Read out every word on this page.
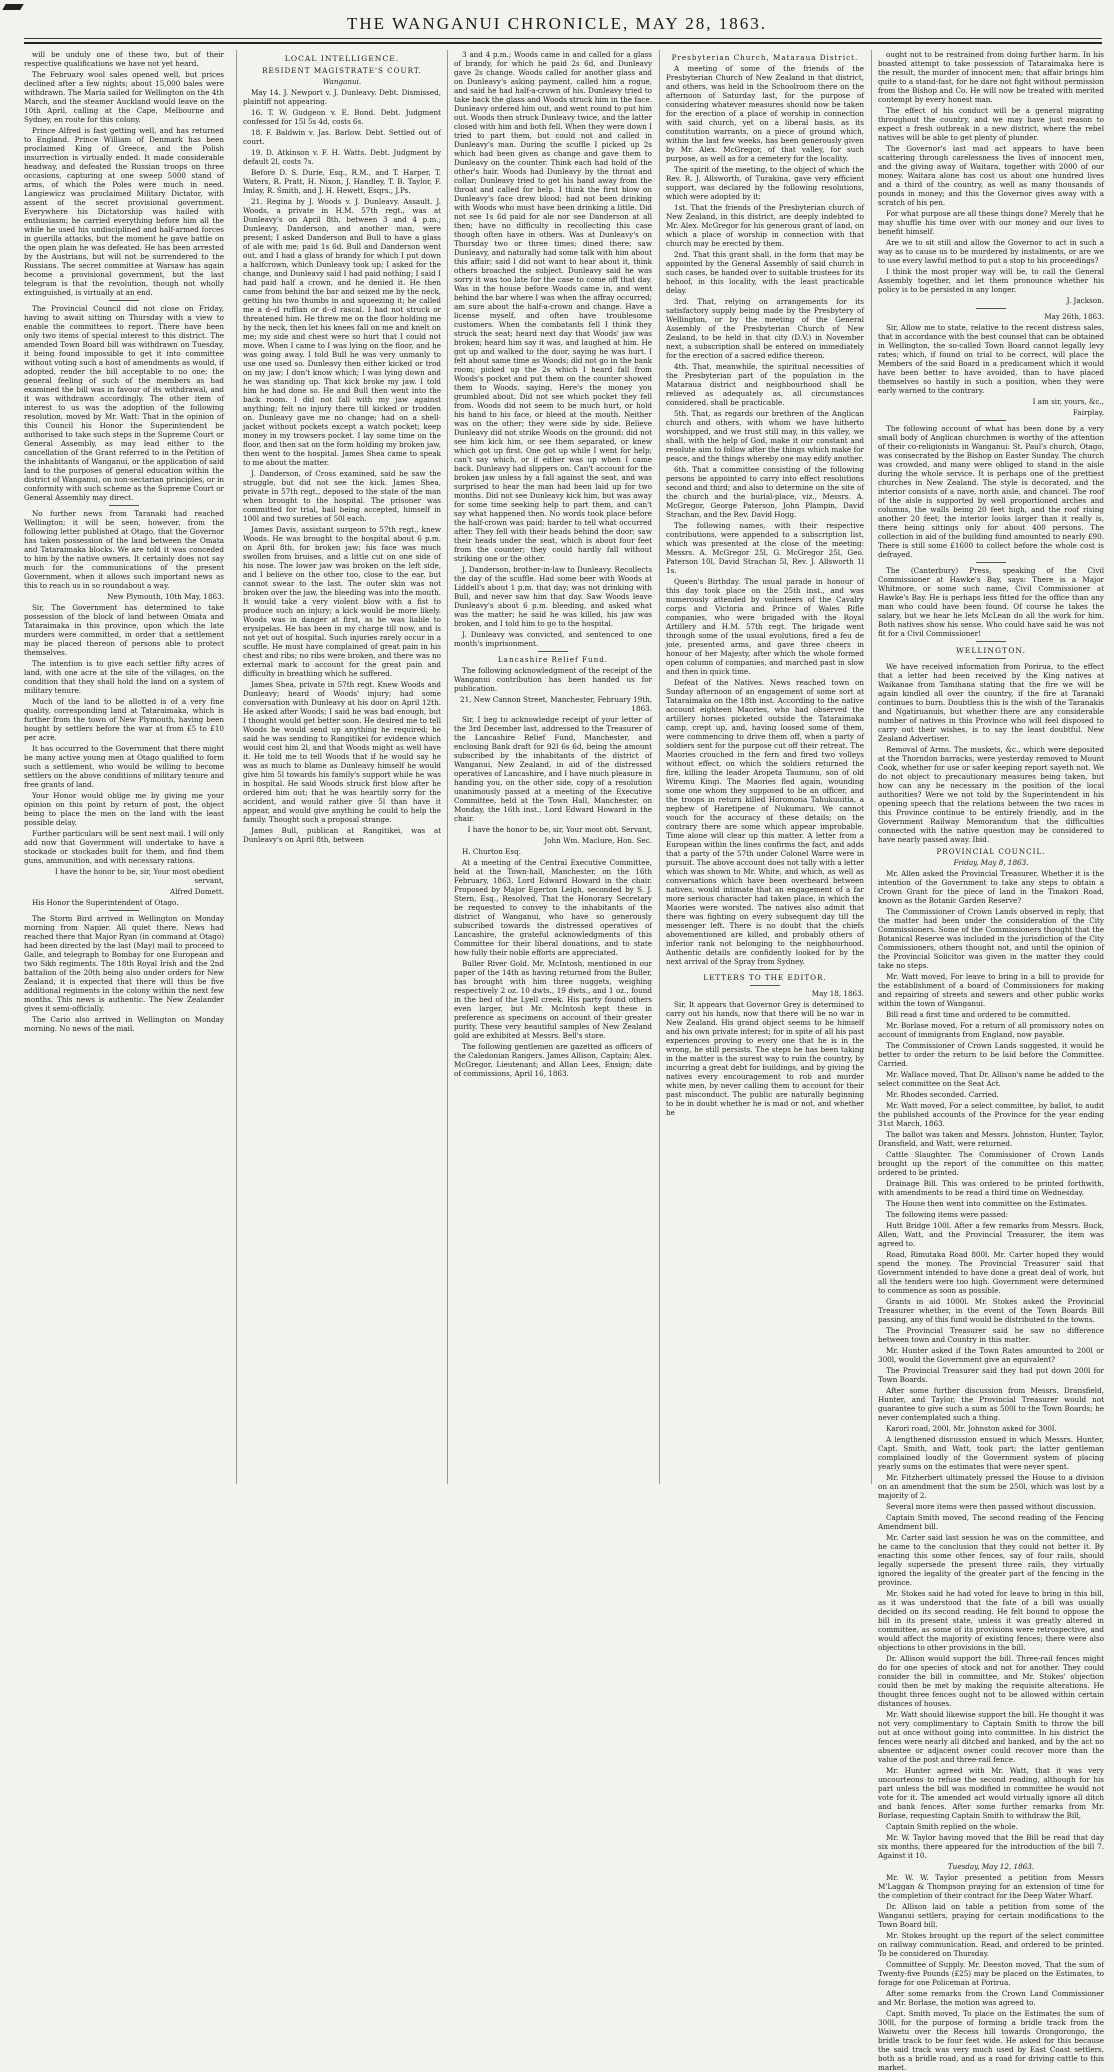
THE WANGANUI CHRONICLE, MAY 28, 1863.

will be unduly one of these two, but of their respective qualifications we have not yet heard.

The February wool sales opened well, but prices declined after a few nights; about 15,000 bales were withdrawn. The Maria sailed for Wellington on the 4th March, and the steamer Auckland would leave on the 10th April, calling at the Cape, Melbourne and Sydney, en route for this colony.

Prince Alfred is fast getting well, and has returned to England. Prince William of Denmark has been proclaimed King of Greece, and the Polish insurrection is virtually ended. It made considerable headway, and defeated the Russian troops on three occasions, capturing at one sweep 5000 stand of arms, of which the Poles were much in need. Langiewicz was proclaimed Military Dictator, with assent of the secret provisional government. Everywhere his Dictatorship was hailed with enthusiasm; he carried everything before him all the while he used his undisciplined and half-armed forces in guerilla attacks, but the moment he gave battle on the open plain he was defeated. He has been arrested by the Austrians, but will not be surrendered to the Russians. The secret committee at Warsaw has again become a provisional government, but the last telegram is that the revolution, though not wholly extinguished, is virtually at an end.

The Provincial Council did not close on Friday, having to await sitting on Thursday with a view to enable the committees to report. There have been only two items of special interest to this district. The amended Town Board bill was withdrawn on Tuesday, it being found impossible to get it into committee without voting such a host of amendments as would, if adopted, render the bill acceptable to no one; the general feeling of such of the members as had examined the bill was in favour of its withdrawal, and it was withdrawn accordingly. The other item of interest to us was the adoption of the following resolution, moved by Mr. Watt: That in the opinion of this Council his Honor the Superintendent be authorised to take such steps in the Supreme Court or General Assembly, as may lead either to the cancellation of the Grant referred to in the Petition of the inhabitants of Wanganui, or the application of said land to the purposes of general education within the district of Wanganui, on non-sectarian principles, or in conformity with such scheme as the Supreme Court or General Assembly may direct.

No further news from Taranaki had reached Wellington; it will be seen, however, from the following letter published at Otago, that the Governor has taken possession of the land between the Omata and Tataraimaka blocks. We are told it was conceded to him by the native owners. It certainly does not say much for the communications of the present Government, when it allows such important news as this to reach us in so roundabout a way.

New Plymouth, 10th May, 1863.

Sir, The Government has determined to take possession of the block of land between Omata and Tataraimaka in this province, upon which the late murders were committed, in order that a settlement may be placed thereon of persons able to protect themselves.

The intention is to give each settler fifty acres of land, with one acre at the site of the villages, on the condition that they shall hold the land on a system of military tenure.

Much of the land to be allotted is of a very fine quality, corresponding land at Tataraimaka, which is further from the town of New Plymouth, having been bought by settlers before the war at from £5 to £10 per acre.

It has occurred to the Government that there might be many active young men at Otago qualified to form such a settlement, who would be willing to become settlers on the above conditions of military tenure and free grants of land.

Your Honor would oblige me by giving me your opinion on this point by return of post, the object being to place the men on the land with the least possible delay.

Further particulars will be sent next mail. I will only add now that Government will undertake to have a stockade or stockades built for them, and find them guns, ammunition, and with necessary rations.

I have the honor to be, sir, Your most obedient servant,

Alfred Domett.

His Honor the Superintendent of Otago.

The Storm Bird arrived in Wellington on Monday morning from Napier. All quiet there. News had reached there that Major Ryan (in command at Otago) had been directed by the last (May) mail to proceed to Galle, and telegraph to Bombay for one European and two Sikh regiments. The 18th Royal Irish and the 2nd battalion of the 20th being also under orders for New Zealand, it is expected that there will thus be five additional regiments in the colony within the next few months. This news is authentic. The New Zealander gives it semi-officially.

The Cario also arrived in Wellington on Monday morning. No news of the mail.

LOCAL INTELLIGENCE.
RESIDENT MAGISTRATE'S COURT.

Wanganui.

May 14. J. Newport v. J. Dunleavy. Debt. Dismissed, plaintiff not appearing.

16. T. W. Gudgeon v. E. Bond. Debt. Judgment confessed for 15l 5s 4d, costs 6s.

18. F. Baldwin v. Jas. Barlow. Debt. Settled out of court.

19. D. Atkinson v. F. H. Watts. Debt. Judgment by default 2l, costs 7s.

Before D. S. Durie, Esq., R.M., and T. Harper, T. Waters, R. Pratt, H. Nixon, J. Handley, T. B. Taylor, F. Imlay, R. Smith, and J. H. Hewett, Esqrs., J.Ps.

21. Regina by J. Woods v. J. Dunleavy. Assault. J. Woods, a private in H.M. 57th regt., was at Dunleavy's on April 8th, between 3 and 4 p.m.; Dunleavy, Danderson, and another man, were present; I asked Danderson and Bull to have a glass of ale with me; paid 1s 6d. Bull and Danderson went out, and I had a glass of brandy for which I put down a halfcrown, which Dunleavy took up; I asked for the change, and Dunleavy said I had paid nothing; I said I had paid half a crown, and he denied it. He then came from behind the bar and seized me by the neck, getting his two thumbs in and squeezing it; he called me a d--d ruffian or d--d rascal. I had not struck or threatened him. He threw me on the floor holding me by the neck, then let his knees fall on me and knelt on me; my side and chest were so hurt that I could not move. When I came to I was lying on the floor, and he was going away. I told Bull he was very unmanly to use one used so. Dunleavy then either kicked or trod on my jaw; I don't know which; I was lying down and he was standing up. That kick broke my jaw. I told him he had done so. He and Bull then went into the back room. I did not fall with my jaw against anything; felt no injury there till kicked or trodden on. Dunleavy gave me no change; had on a shell-jacket without pockets except a watch pocket; keep money in my trowsers pocket. I lay some time on the floor, and then sat on the form holding my broken jaw, then went to the hospital. James Shea came to speak to me about the matter.

J. Danderson, of Cross examined, said he saw the struggle, but did not see the kick. James Shea, private in 57th regt., deposed to the state of the man when brought to the hospital. The prisoner was committed for trial, bail being accepted, himself in 100l and two sureties of 50l each.

James Davis, assistant surgeon to 57th regt., knew Woods. He was brought to the hospital about 6 p.m. on April 8th, for broken jaw; his face was much swollen from bruises, and a little cut on one side of his nose. The lower jaw was broken on the left side, and I believe on the other too, close to the ear, but cannot swear to the last. The outer skin was not broken over the jaw, the bleeding was into the mouth. It would take a very violent blow with a fist to produce such an injury; a kick would be more likely. Woods was in danger at first, as he was liable to erysipelas. He has been in my charge till now, and is not yet out of hospital. Such injuries rarely occur in a scuffle. He must have complained of great pain in his chest and ribs; no ribs were broken, and there was no external mark to account for the great pain and difficulty in breathing which he suffered.

James Shea, private in 57th regt. Knew Woods and Dunleavy; heard of Woods' injury; had some conversation with Dunleavy at his door on April 12th. He asked after Woods; I said he was bad enough, but I thought would get better soon. He desired me to tell Woods he would send up anything he required; he said he was sending to Rangitikei for evidence which would cost him 2l, and that Woods might as well have it. He told me to tell Woods that if he would say he was as much to blame as Dunleavy himself he would give him 5l towards his family's support while he was in hospital. He said Woods struck first blow after he ordered him out; that he was heartily sorry for the accident, and would rather give 5l than have it appear, and would give anything he could to help the family. Thought such a proposal strange.

James Bull, publican at Rangitikei, was at Dunleavy's on April 8th, between

3 and 4 p.m.; Woods came in and called for a glass of brandy, for which he paid 2s 6d, and Dunleavy gave 2s change. Woods called for another glass and on Dunleavy's asking payment, called him a rogue, and said he had half-a-crown of his. Dunleavy tried to take back the glass and Woods struck him in the face. Dunleavy ordered him out, and went round to put him out. Woods then struck Dunleavy twice, and the latter closed with him and both fell. When they were down I tried to part them, but could not and called in Dunleavy's man. During the scuffle I picked up 2s which had been given as change and gave them to Dunleavy on the counter. Think each had hold of the other's hair. Woods had Dunleavy by the throat and collar; Dunleavy tried to get his hand away from the throat and called for help. I think the first blow on Dunleavy's face drew blood; had not been drinking with Woods who must have been drinking a little. Did not see 1s 6d paid for ale nor see Danderson at all then; have no difficulty in recollecting this case though often have in others. Was at Dunleavy's on Thursday two or three times; dined there; saw Dunleavy, and naturally had some talk with him about this affair; said I did not want to hear about it, think others broached the subject. Dunleavy said he was sorry it was too late for the case to come off that day. Was in the house before Woods came in, and went behind the bar where I was when the affray occurred; am sure about the half-a-crown and change. Have a license myself, and often have troublesome customers. When the combatants fell I think they struck the seat; heard next day that Woods' jaw was broken; heard him say it was, and laughed at him. He got up and walked to the door, saying he was hurt. I felt about same time as Woods; did not go in the bank room; picked up the 2s which I heard fall from Woods's pocket and put them on the counter showed them to Woods, saying, Here's the money you grumbled about. Did not see which pocket they fell from. Woods did not seem to be much hurt, or hold his hand to his face, or bleed at the mouth. Neither was on the other; they were side by side. Believe Dunleavy did not strike Woods on the ground; did not see him kick him, or see them separated, or knew which got up first. One got up while I went for help; can't say which, or if either was up when I came back. Dunleavy had slippers on. Can't account for the broken jaw unless by a fall against the seat, and was surprised to hear the man had been laid up for two months. Did not see Dunleavy kick him, but was away for some time seeking help to part them, and can't say what happened then. No words took place before the half-crown was paid; harder to tell what occurred after. They fell with their heads behind the door; saw their heads under the seat, which is about four feet from the counter; they could hardly fall without striking one or the other.

J. Danderson, brother-in-law to Dunleavy. Recollects the day of the scuffle. Had some beer with Woods at Liddell's about 1 p.m. that day; was not drinking with Bull, and never saw him that day. Saw Woods leave Dunleavy's about 6 p.m. bleeding, and asked what was the matter; he said he was killed, his jaw was broken, and I told him to go to the hospital.

J. Dunleavy was convicted, and sentenced to one month's imprisonment.

Lancashire Relief Fund.

The following acknowledgment of the receipt of the Wanganui contribution has been handed us for publication.

21, New Cannon Street, Manchester, February 19th, 1863.

Sir, I beg to acknowledge receipt of your letter of the 3rd December last, addressed to the Treasurer of the Lancashire Relief Fund, Manchester, and enclosing Bank draft for 92l 6s 6d, being the amount subscribed by the inhabitants of the district of Wanganui, New Zealand, in aid of the distressed operatives of Lancashire, and I have much pleasure in handing you, on the other side, copy of a resolution unanimously passed at a meeting of the Executive Committee, held at the Town Hall, Manchester, on Monday, the 16th inst., Lord Edward Howard in the chair.

I have the honor to be, sir, Your most obt. Servant,

John Wm. Maclure, Hon. Sec.

H. Churton Esq.

At a meeting of the Central Executive Committee, held at the Town-hall, Manchester, on the 16th February, 1863, Lord Edward Howard in the chair. Proposed by Major Egerton Leigh, seconded by S. J. Stern, Esq., Resolved, That the Honorary Secretary be requested to convey to the inhabitants of the district of Wanganui, who have so generously subscribed towards the distressed operatives of Lancashire, the grateful acknowledgments of this Committee for their liberal donations, and to state how fully their noble efforts are appreciated.

Buller River Gold. Mr. McIntosh, mentioned in our paper of the 14th as having returned from the Buller, has brought with him three nuggets, weighing respectively 2 oz. 10 dwts., 19 dwts., and 1 oz., found in the bed of the Lyell creek. His party found others even larger, but Mr. McIntosh kept these in preference as specimens on account of their greater purity. These very beautiful samples of New Zealand gold are exhibited at Messrs. Bell's store.

The following gentlemen are gazetted as officers of the Caledonian Rangers. James Allison, Captain; Alex. McGregor, Lieutenant; and Allan Lees, Ensign; date of commissions, April 16, 1863.

Presbyterian Church, Mataraua District.

A meeting of some of the friends of the Presbyterian Church of New Zealand in that district, and others, was held in the Schoolroom there on the afternoon of Saturday last, for the purpose of considering whatever measures should now be taken for the erection of a place of worship in connection with said church, yet on a liberal basis, as its constitution warrants, on a piece of ground which, within the last few weeks, has been generously given by Mr. Alex. McGregor, of that valley, for such purpose, as well as for a cemetery for the locality.

The spirit of the meeting, to the object of which the Rev. R. J. Allsworth, of Turakina, gave very efficient support, was declared by the following resolutions, which were adopted by it:

1st. That the friends of the Presbyterian church of New Zealand, in this district, are deeply indebted to Mr. Alex. McGregor for his generous grant of land, on which a place of worship in connection with that church may be erected by them.

2nd. That this grant shall, in the form that may be appointed by the General Assembly of said church in such cases, be handed over to suitable trustees for its behoof, in this locality, with the least practicable delay.

3rd. That, relying on arrangements for its satisfactory supply being made by the Presbytery of Wellington, or by the meeting of the General Assembly of the Presbyterian Church of New Zealand, to be held in that city (D.V.) in November next, a subscription shall be entered on immediately for the erection of a sacred edifice thereon.

4th. That, meanwhile, the spiritual necessities of the Presbyterian part of the population in the Mataraua district and neighbourhood shall be relieved as adequately as, all circumstances considered, shall be practicable.

5th. That, as regards our brethren of the Anglican church and others, with whom we have hitherto worshipped, and we trust still may, in this valley, we shall, with the help of God, make it our constant and resolute aim to follow after the things which make for peace, and the things whereby one may edify another.

6th. That a committee consisting of the following persons be appointed to carry into effect resolutions second and third; and also to determine on the site of the church and the burial-place, viz., Messrs. A. McGregor, George Paterson, John Plampin, David Strachan, and the Rev. David Hogg.

The following names, with their respective contributions, were appended to a subscription list, which was presented at the close of the meeting: Messrs. A. McGregor 25l, G. McGregor 25l, Geo. Paterson 10l, David Strachan 5l, Rev. J. Allsworth 1l 1s.

Queen's Birthday. The usual parade in honour of this day took place on the 25th inst., and was numerously attended by volunteers of the Cavalry corps and Victoria and Prince of Wales Rifle companies, who were brigaded with the Royal Artillery and H.M. 57th regt. The brigade went through some of the usual evolutions, fired a feu de joie, presented arms, and gave three cheers in honour of her Majesty, after which the whole formed open column of companies, and marched past in slow and then in quick time.

Defeat of the Natives. News reached town on Sunday afternoon of an engagement of some sort at Tataraimaka on the 18th inst. According to the native account eighteen Maories, who had observed the artillery horses picketed outside the Tataraimaka camp, crept up, and, having loosed some of them, were commencing to drive them off, when a party of soldiers sent for the purpose cut off their retreat. The Maories crouched in the fern and fired two volleys without effect, on which the soldiers returned the fire, killing the leader Aropeta Taumunu, son of old Wiremu Kingi. The Maories fled again, wounding some one whom they supposed to be an officer, and the troops in return killed Horomona Tahukuuitia, a nephew of Haretipene of Nukumaru. We cannot vouch for the accuracy of these details; on the contrary there are some which appear improbable. Time alone will clear up this matter. A letter from a European within the lines confirms the fact, and adds that a party of the 57th under Colonel Warre were in pursuit. The above account does not tally with a letter which was shown to Mr. White, and which, as well as conversations which have been overheard between natives, would intimate that an engagement of a far more serious character had taken place, in which the Maories were worsted. The natives also admit that there was fighting on every subsequent day till the messenger left. There is no doubt that the chiefs abovementioned are killed, and probably others of inferior rank not belonging to the neighbourhood. Authentic details are confidently looked for by the next arrival of the Spray from Sydney.

LETTERS TO THE EDITOR.

May 18, 1863.

Sir, It appears that Governor Grey is determined to carry out his hands, now that there will be no war in New Zealand. His grand object seems to be himself and his own private interest; for in spite of all his past experiences proving to every one that he is in the wrong, he still persists. The steps he has been taking in the matter is the surest way to ruin the country, by incurring a great debt for buildings, and by giving the natives every encouragement to rob and murder white men, by never calling them to account for their past misconduct. The public are naturally beginning to be in doubt whether he is mad or not, and whether he

ought not to be restrained from doing further harm. In his boasted attempt to take possession of Tataraimaka here is the result, the murder of innocent men; that affair brings him quite to a stand-fast, for he dare not fight without permission from the Bishop and Co. He will now be treated with merited contempt by every honest man.

The effect of his conduct will be a general migrating throughout the country, and we may have just reason to expect a fresh outbreak in a new district, where the rebel natives will be able to get plenty of plunder.

The Governor's last mad act appears to have been scattering through carelessness the lives of innocent men, and the giving away of Waitara, together with 2000 of our money. Waitara alone has cost us about one hundred lives and a third of the country, as well as many thousands of pounds in money; and this the Governor gives away with a scratch of his pen.

For what purpose are all these things done? Merely that he may shuffle his time over with our money and our lives to benefit himself.

Are we to sit still and allow the Governor to act in such a way as to cause us to be murdered by instalments, or are we to use every lawful method to put a stop to his proceedings?

I think the most proper way will be, to call the General Assembly together, and let them pronounce whether his policy is to be persisted in any longer.

J. Jackson.

May 26th, 1863.

Sir, Allow me to state, relative to the recent distress sales, that in accordance with the best counsel that can be obtained in Wellington, the so-called Town Board cannot legally levy rates; which, if found on trial to be correct, will place the Members of the said Board in a predicament which it would have been better to have avoided, than to have placed themselves so hastily in such a position, when they were early warned to the contrary.

I am sir, yours, &c.,

Fairplay.

The following account of what has been done by a very small body of Anglican churchmen is worthy of the attention of their co-religionists in Wanganui: St. Paul's church, Otago, was consecrated by the Bishop on Easter Sunday. The church was crowded, and many were obliged to stand in the aisle during the whole service. It is perhaps one of the prettiest churches in New Zealand. The style is decorated, and the interior consists of a nave, north aisle, and chancel. The roof of the aisle is supported by well proportioned arches and columns, the walls being 20 feet high, and the roof rising another 20 feet; the interior looks larger than it really is, there being sittings only for about 400 persons. The collection in aid of the building fund amounted to nearly £90. There is still some £1600 to collect before the whole cost is defrayed.

The (Canterbury) Press, speaking of the Civil Commissioner at Hawke's Bay, says: There is a Major Whitmore, or some such name, Civil Commissioner at Hawke's Bay. He is perhaps less fitted for the office than any man who could have been found. Of course he takes the salary, but we hear he lets McLean do all the work for him. Both natives show his sense. Who could have said he was not fit for a Civil Commissioner!

WELLINGTON.

We have received information from Porirua, to the effect that a letter had been received by the King natives at Waikanae from Tamihana stating that the fire we will be again kindled all over the country, if the fire at Taranaki continues to burn. Doubtless this is the wish of the Taranakis and Ngatiruanuis, but whether there are any considerable number of natives in this Province who will feel disposed to carry out their wishes, is to say the least doubtful. New Zealand Advertiser.

Removal of Arms. The muskets, &c., which were deposited at the Thorndon barracks, were yesterday removed to Mount Cook, whether for use or safer keeping report sayeth not. We do not object to precautionary measures being taken, but how can any be necessary in the position of the local authorities? Were we not told by the Superintendent in his opening speech that the relations between the two races in this Province continue to be entirely friendly, and in the Government Railway Memorandum that the difficulties connected with the native question may be considered to have nearly passed away. Ibid.

PROVINCIAL COUNCIL.

Friday, May 8, 1863.

Mr. Allen asked the Provincial Treasurer, Whether it is the intention of the Government to take any steps to obtain a Crown Grant for the piece of land in the Tinakori Road, known as the Botanic Garden Reserve?

The Commissioner of Crown Lands observed in reply, that the matter had been under the consideration of the City Commissioners. Some of the Commissioners thought that the Botanical Reserve was included in the jurisdiction of the City Commissioners, others thought not, and until the opinion of the Provincial Solicitor was given in the matter they could take no steps.

Mr. Watt moved, For leave to bring in a bill to provide for the establishment of a board of Commissioners for making and repairing of streets and sewers and other public works within the town of Wanganui.

Bill read a first time and ordered to be committed.

Mr. Borlase moved, For a return of all promissory notes on account of immigrants from England, now payable.

The Commissioner of Crown Lands suggested, it would be better to order the return to be laid before the Committee. Carried.

Mr. Wallace moved, That Dr. Allison's name be added to the select committee on the Seat Act.

Mr. Rhodes seconded. Carried.

Mr. Watt moved, For a select committee, by ballot, to audit the published accounts of the Province for the year ending 31st March, 1863.

The ballot was taken and Messrs. Johnston, Hunter, Taylor, Dransfield, and Watt, were returned.

Cattle Slaughter. The Commissioner of Crown Lands brought up the report of the committee on this matter, ordered to be printed.

Drainage Bill. This was ordered to be printed forthwith, with amendments to be read a third time on Wednesday.

The House then went into committee on the Estimates.

The following items were passed:

Hutt Bridge 100l. After a few remarks from Messrs. Buck, Allen, Watt, and the Provincial Treasurer, the item was agreed to.

Road, Rimutaka Road 800l. Mr. Carter hoped they would spend the money. The Provincial Treasurer said that Government intended to have done a great deal of work, but all the tenders were too high. Government were determined to commence as soon as possible.

Grants in aid 1000l. Mr. Stokes asked the Provincial Treasurer whether, in the event of the Town Boards Bill passing, any of this fund would be distributed to the towns.

The Provincial Treasurer said he saw no difference between town and Country in this matter.

Mr. Hunter asked if the Town Rates amounted to 200l or 300l, would the Government give an equivalent?

The Provincial Treasurer said they had put down 200l for Town Boards.

After some further discussion from Messrs. Dransfield, Hunter, and Taylor, the Provincial Treasurer would not guarantee to give such a sum as 500l to the Town Boards; he never contemplated such a thing.

Karori road, 200l. Mr. Johnston asked for 300l.

A lengthened discussion ensued in which Messrs. Hunter, Capt. Smith, and Watt, took part; the latter gentleman complained loudly of the Government system of placing yearly sums on the estimates that were never spent.

Mr. Fitzherbert ultimately pressed the House to a division on an amendment that the sum be 250l, which was lost by a majority of 2.

Several more items were then passed without discussion.

Captain Smith moved, The second reading of the Fencing Amendment bill.

Mr. Carter said last session he was on the committee, and he came to the conclusion that they could not better it. By enacting this some other fences, say of four rails, should legally supersede the present three rails, they virtually ignored the legality of the greater part of the fencing in the province.

Mr. Stokes said he had voted for leave to bring in this bill, as it was understood that the fate of a bill was usually decided on its second reading. He felt bound to oppose the bill in its present state, unless it was greatly altered in committee, as some of its provisions were retrospective, and would affect the majority of existing fences; there were also objections to other provisions in the bill.

Dr. Allison would support the bill. Three-rail fences might do for one species of stock and not for another. They could consider the bill in committee, and Mr. Stokes' objection could then be met by making the requisite alterations. He thought three fences ought not to be allowed within certain distances of houses.

Mr. Watt should likewise support the bill. He thought it was not very complimentary to Captain Smith to throw the bill out at once without going into committee. In his district the fences were nearly all ditched and banked, and by the act no absentee or adjacent owner could recover more than the value of the post and three-rail fence.

Mr. Hunter agreed with Mr. Watt, that it was very uncourteous to refuse the second reading, although for his part unless the bill was modified in committee he would not vote for it. The amended act would virtually ignore all ditch and bank fences. After some further remarks from Mr. Borlase, requesting Captain Smith to withdraw the Bill,

Captain Smith replied on the whole.

Mr. W. Taylor having moved that the Bill be read that day six months, there appeared for the introduction of the bill 7. Against it 10.

Tuesday, May 12, 1863.

Mr. W. W. Taylor presented a petition from Messrs M'Laggan & Thompson praying for an extension of time for the completion of their contract for the Deep Water Wharf.

Dr. Allison laid on table a petition from some of the Wanganui settlers, praying for certain modifications to the Town Board bill.

Mr. Stokes brought up the report of the select committee on railway communication. Read, and ordered to be printed. To be considered on Thursday.

Committee of Supply. Mr. Deeston moved, That the sum of Twenty-five Pounds (£25) may be placed on the Estimates, to forage for one Policeman at Porirua.

After some remarks from the Crown Land Commissioner and Mr. Borlase, the motion was agreed to.

Capt. Smith moved, To place on the Estimates the sum of 300l, for the purpose of forming a bridle track from the Waiwetu over the Recess hill towards Orongorongo, the bridle track to be four feet wide. He asked for this because the said track was very much used by East Coast settlers, both as a bridle road, and as a road for driving cattle to this market.
